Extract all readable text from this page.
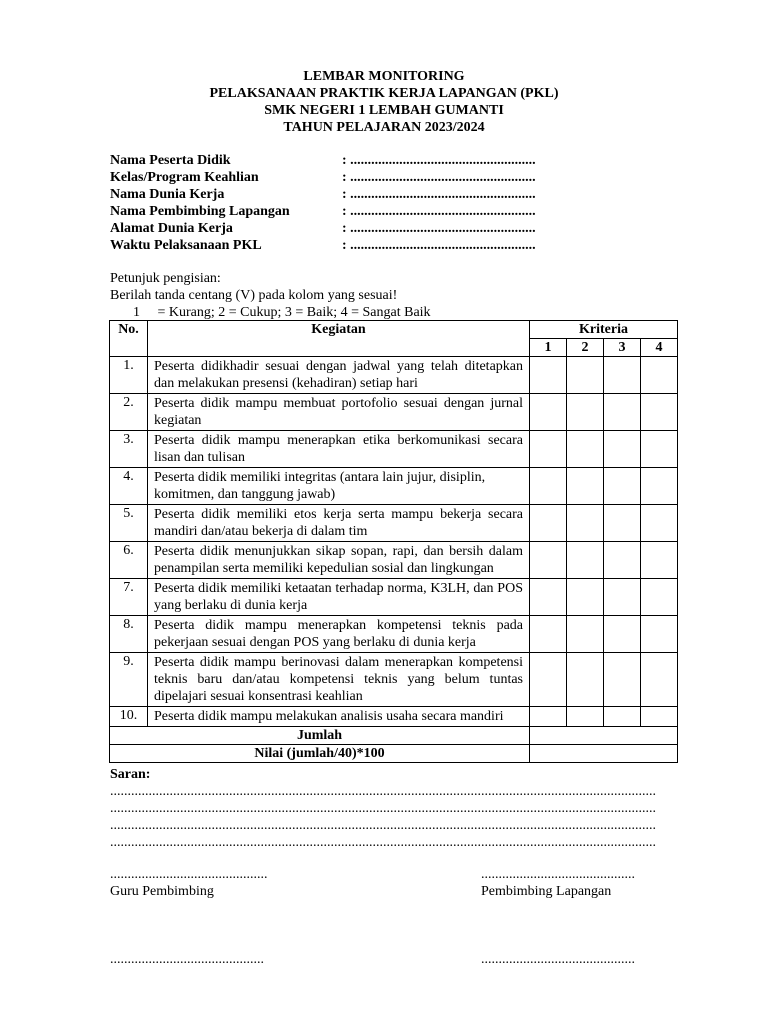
LEMBAR MONITORING
PELAKSANAAN PRAKTIK KERJA LAPANGAN (PKL)
SMK NEGERI 1 LEMBAH GUMANTI
TAHUN PELAJARAN 2023/2024
Nama Peserta Didik	: .....................................................
Kelas/Program Keahlian	: .....................................................
Nama Dunia Kerja	: .....................................................
Nama Pembimbing Lapangan	: .....................................................
Alamat Dunia Kerja	: .....................................................
Waktu Pelaksanaan PKL	: .....................................................
Petunjuk pengisian:
Berilah tanda centang (V) pada kolom yang sesuai!
1     = Kurang; 2 = Cukup; 3 = Baik; 4 = Sangat Baik
No.	Kegiatan	Kriteria			
		1	2	3	4
1.	Peserta didikhadir sesuai dengan jadwal yang telah ditetapkan dan melakukan presensi (kehadiran) setiap hari				

2.	Peserta didik mampu membuat portofolio sesuai dengan jurnal kegiatan				

3.	Peserta didik mampu menerapkan etika berkomunikasi secara lisan dan tulisan				

4.	Peserta didik memiliki integritas (antara lain jujur, disiplin, komitmen, dan tanggung jawab)				

5.	Peserta didik memiliki etos kerja serta mampu bekerja secara mandiri dan/atau bekerja di dalam tim				

6.	Peserta didik menunjukkan sikap sopan, rapi, dan bersih dalam penampilan serta memiliki kepedulian sosial dan lingkungan				

7.	Peserta didik memiliki ketaatan terhadap norma, K3LH, dan POS yang berlaku di dunia kerja				

8.	Peserta didik mampu menerapkan kompetensi teknis pada pekerjaan sesuai dengan POS yang berlaku di dunia kerja				

9.	Peserta didik mampu berinovasi dalam menerapkan kompetensi teknis baru dan/atau kompetensi teknis yang belum tuntas dipelajari sesuai konsentrasi keahlian				

10.	Peserta didik mampu melakukan analisis usaha secara mandiri				

Jumlah					
Nilai (jumlah/40)*100					
Saran:
............................................................................................................................................................
............................................................................................................................................................
............................................................................................................................................................
............................................................................................................................................................
.............................................
Guru Pembimbing
............................................
Pembimbing Lapangan
............................................	............................................
